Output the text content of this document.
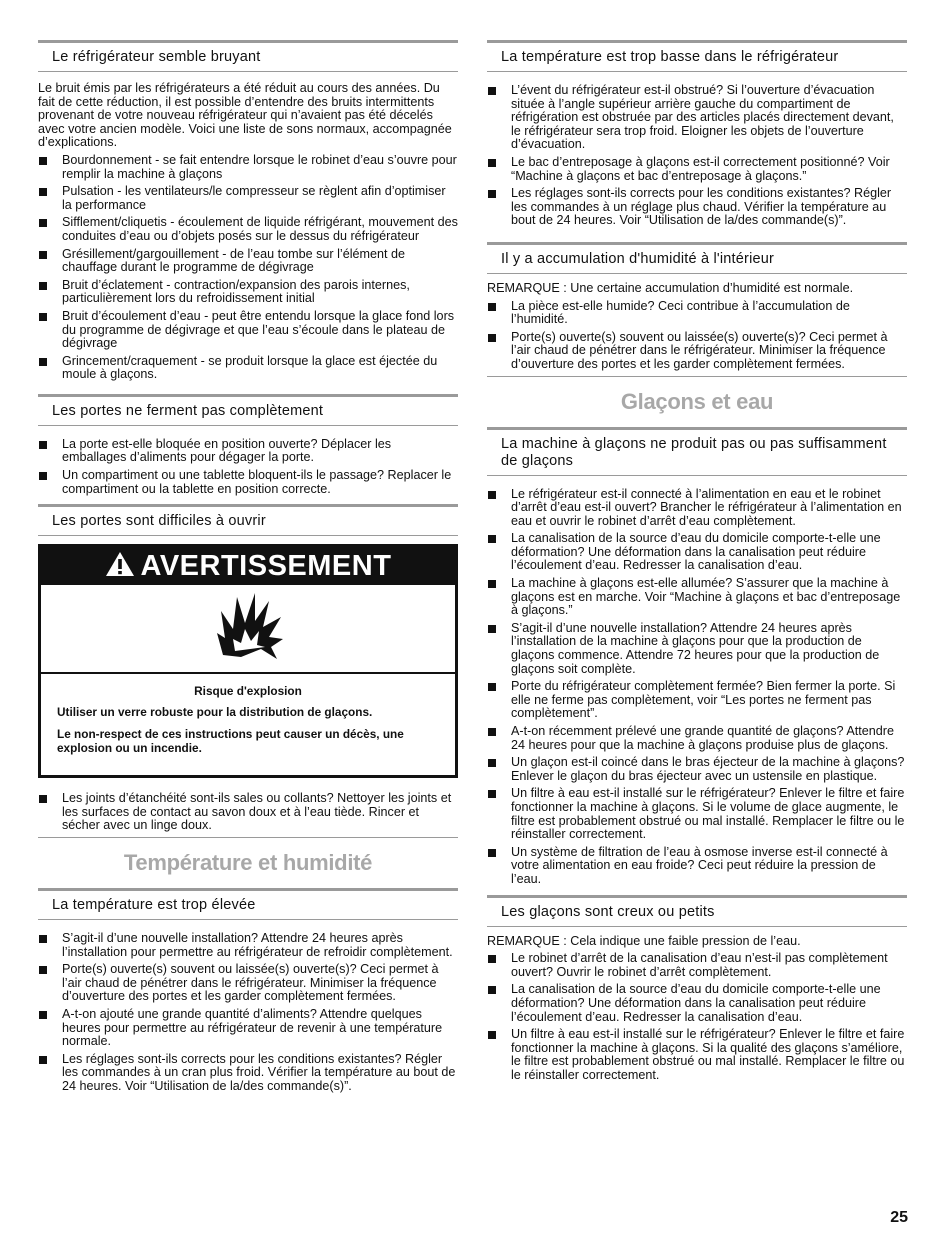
Le réfrigérateur semble bruyant

Le bruit émis par les réfrigérateurs a été réduit au cours des années. Du fait de cette réduction, il est possible d’entendre des bruits intermittents provenant de votre nouveau réfrigérateur qui n’avaient pas été décelés avec votre ancien modèle. Voici une liste de sons normaux, accompagnée d’explications.

Bourdonnement - se fait entendre lorsque le robinet d’eau s’ouvre pour remplir la machine à glaçons
Pulsation - les ventilateurs/le compresseur se règlent afin d’optimiser la performance
Sifflement/cliquetis - écoulement de liquide réfrigérant, mouvement des conduites d’eau ou d’objets posés sur le dessus du réfrigérateur
Grésillement/gargouillement - de l’eau tombe sur l’élément de chauffage durant le programme de dégivrage
Bruit d’éclatement - contraction/expansion des parois internes, particulièrement lors du refroidissement initial
Bruit d’écoulement d’eau - peut être entendu lorsque la glace fond lors du programme de dégivrage et que l’eau s’écoule dans le plateau de dégivrage
Grincement/craquement - se produit lorsque la glace est éjectée du moule à glaçons.
Les portes ne ferment pas complètement
La porte est-elle bloquée en position ouverte? Déplacer les emballages d’aliments pour dégager la porte.
Un compartiment ou une tablette bloquent-ils le passage? Replacer le compartiment ou la tablette en position correcte.
Les portes sont difficiles à ouvrir
AVERTISSEMENT

Risque d'explosion

Utiliser un verre robuste pour la distribution de glaçons.

Le non-respect de ces instructions peut causer un décès, une explosion ou un incendie.

Les joints d’étanchéité sont-ils sales ou collants? Nettoyer les joints et les surfaces de contact au savon doux et à l’eau tiède. Rincer et sécher avec un linge doux.
Température et humidité
La température est trop élevée
S’agit-il d’une nouvelle installation? Attendre 24 heures après l’installation pour permettre au réfrigérateur de refroidir complètement.
Porte(s) ouverte(s) souvent ou laissée(s) ouverte(s)? Ceci permet à l’air chaud de pénétrer dans le réfrigérateur. Minimiser la fréquence d’ouverture des portes et les garder complètement fermées.
A-t-on ajouté une grande quantité d’aliments? Attendre quelques heures pour permettre au réfrigérateur de revenir à une température normale.
Les réglages sont-ils corrects pour les conditions existantes? Régler les commandes à un cran plus froid. Vérifier la température au bout de 24 heures. Voir “Utilisation de la/des commande(s)”.
La température est trop basse dans le réfrigérateur
L’évent du réfrigérateur est-il obstrué? Si l’ouverture d’évacuation située à l’angle supérieur arrière gauche du compartiment de réfrigération est obstruée par des articles placés directement devant, le réfrigérateur sera trop froid. Eloigner les objets de l’ouverture d’évacuation.
Le bac d’entreposage à glaçons est-il correctement positionné? Voir “Machine à glaçons et bac d’entreposage à glaçons.”
Les réglages sont-ils corrects pour les conditions existantes? Régler les commandes à un réglage plus chaud. Vérifier la température au bout de 24 heures. Voir “Utilisation de la/des commande(s)”.
Il y a accumulation d'humidité à l'intérieur

REMARQUE : Une certaine accumulation d’humidité est normale.

La pièce est-elle humide? Ceci contribue à l’accumulation de l’humidité.
Porte(s) ouverte(s) souvent ou laissée(s) ouverte(s)? Ceci permet à l’air chaud de pénétrer dans le réfrigérateur. Minimiser la fréquence d’ouverture des portes et les garder complètement fermées.
Glaçons et eau
La machine à glaçons ne produit pas ou pas suffisamment de glaçons
Le réfrigérateur est-il connecté à l’alimentation en eau et le robinet d’arrêt d’eau est-il ouvert? Brancher le réfrigérateur à l’alimentation en eau et ouvrir le robinet d’arrêt d’eau complètement.
La canalisation de la source d’eau du domicile comporte-t-elle une déformation? Une déformation dans la canalisation peut réduire l’écoulement d’eau. Redresser la canalisation d’eau.
La machine à glaçons est-elle allumée? S’assurer que la machine à glaçons est en marche. Voir “Machine à glaçons et bac d’entreposage à glaçons.”
S’agit-il d’une nouvelle installation? Attendre 24 heures après l’installation de la machine à glaçons pour que la production de glaçons commence. Attendre 72 heures pour que la production de glaçons soit complète.
Porte du réfrigérateur complètement fermée? Bien fermer la porte. Si elle ne ferme pas complètement, voir “Les portes ne ferment pas complètement”.
A-t-on récemment prélevé une grande quantité de glaçons? Attendre 24 heures pour que la machine à glaçons produise plus de glaçons.
Un glaçon est-il coincé dans le bras éjecteur de la machine à glaçons?
Enlever le glaçon du bras éjecteur avec un ustensile en plastique.
Un filtre à eau est-il installé sur le réfrigérateur? Enlever le filtre et faire fonctionner la machine à glaçons. Si le volume de glace augmente, le filtre est probablement obstrué ou mal installé. Remplacer le filtre ou le réinstaller correctement.
Un système de filtration de l’eau à osmose inverse est-il connecté à votre alimentation en eau froide? Ceci peut réduire la pression de l’eau.
Les glaçons sont creux ou petits

REMARQUE : Cela indique une faible pression de l’eau.

Le robinet d’arrêt de la canalisation d’eau n’est-il pas complètement ouvert? Ouvrir le robinet d’arrêt complètement.
La canalisation de la source d’eau du domicile comporte-t-elle une déformation? Une déformation dans la canalisation peut réduire l’écoulement d’eau. Redresser la canalisation d’eau.
Un filtre à eau est-il installé sur le réfrigérateur? Enlever le filtre et faire fonctionner la machine à glaçons. Si la qualité des glaçons s’améliore, le filtre est probablement obstrué ou mal installé. Remplacer le filtre ou le réinstaller correctement.
25
